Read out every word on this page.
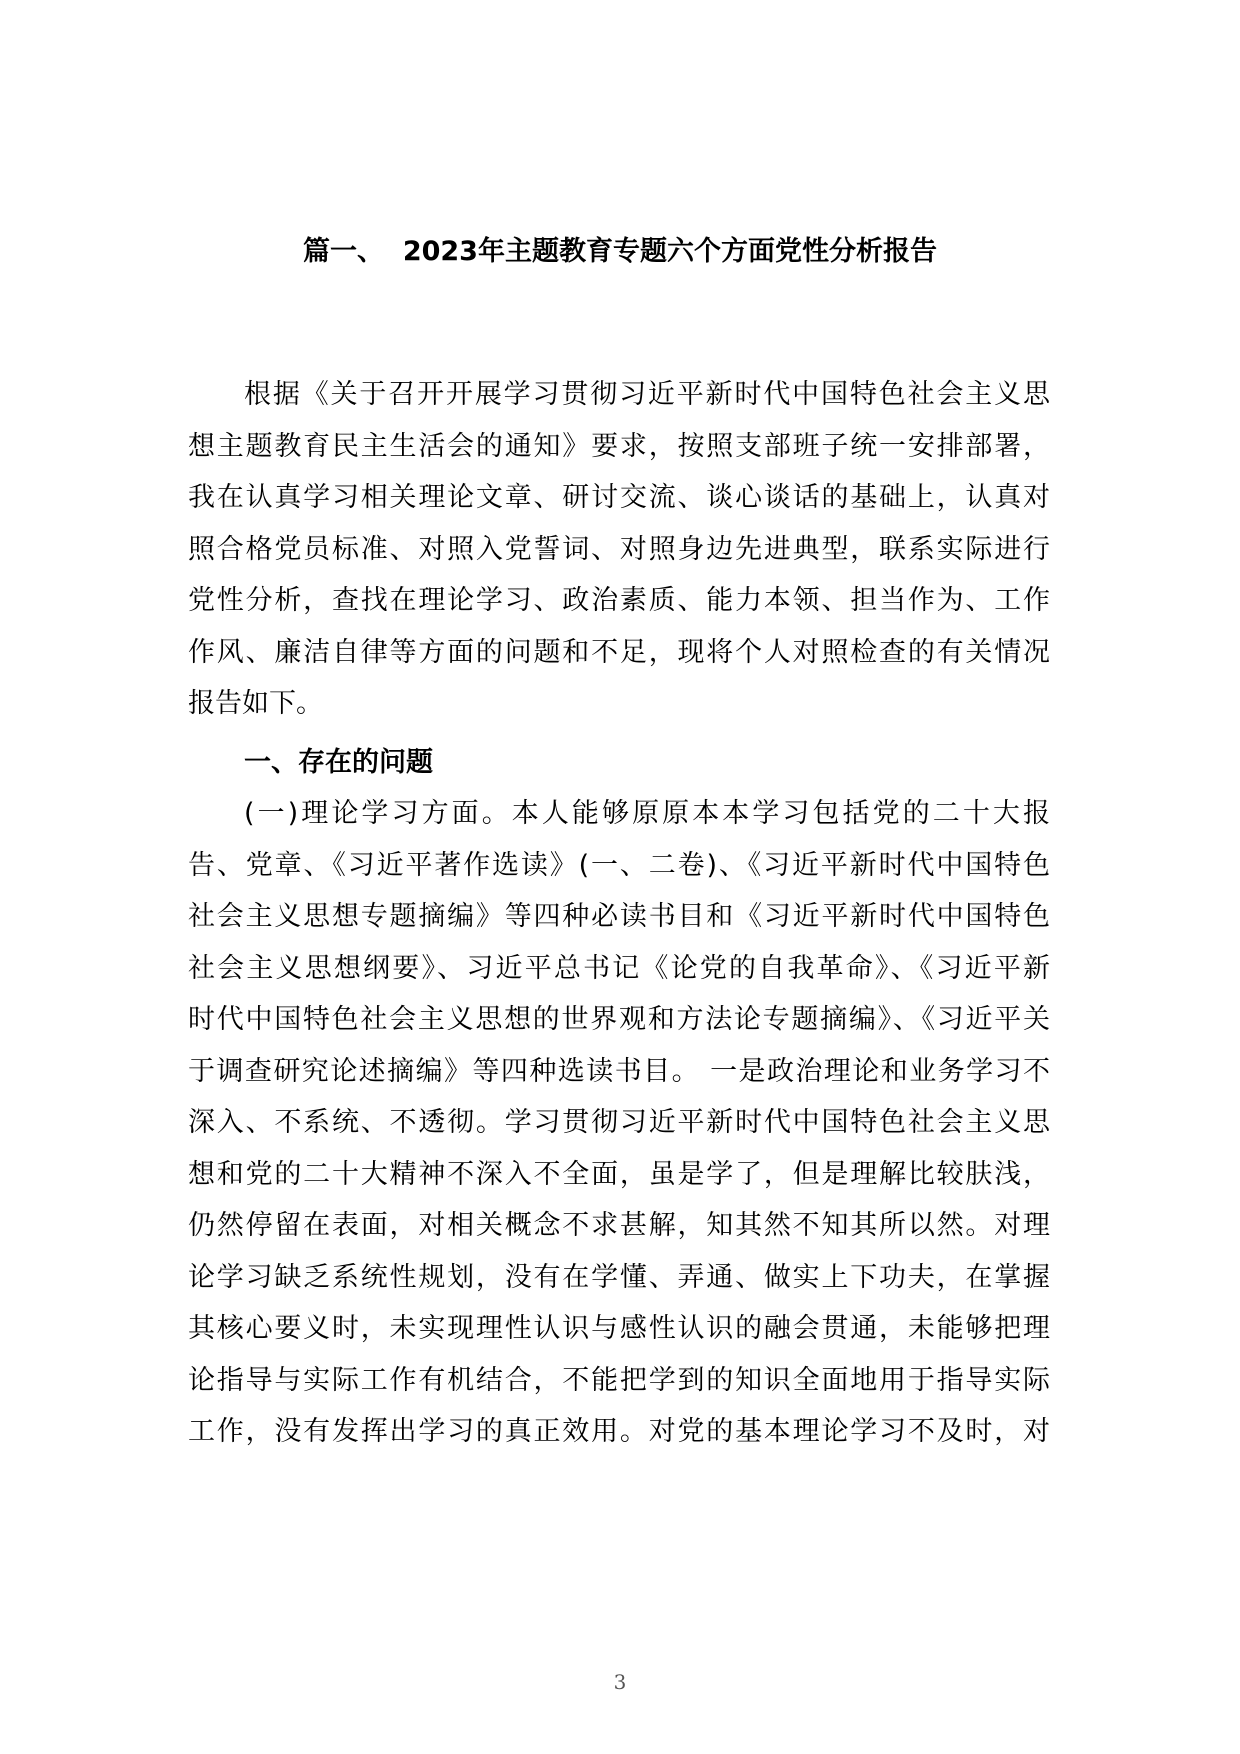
篇一、  2023年主题教育专题六个方面党性分析报告
根据《关于召开开展学习贯彻习近平新时代中国特色社会主义思
想主题教育民主生活会的通知》要求，按照支部班子统一安排部署，
我在认真学习相关理论文章、研讨交流、谈心谈话的基础上，认真对
照合格党员标准、对照入党誓词、对照身边先进典型，联系实际进行
党性分析，查找在理论学习、政治素质、能力本领、担当作为、工作
作风、廉洁自律等方面的问题和不足，现将个人对照检查的有关情况
报告如下。
一、存在的问题
(一)理论学习方面。本人能够原原本本学习包括党的二十大报
告、党章、《习近平著作选读》(一、二卷)、《习近平新时代中国特色
社会主义思想专题摘编》等四种必读书目和《习近平新时代中国特色
社会主义思想纲要》、习近平总书记《论党的自我革命》、《习近平新
时代中国特色社会主义思想的世界观和方法论专题摘编》、《习近平关
于调查研究论述摘编》等四种选读书目。 一是政治理论和业务学习不
深入、不系统、不透彻。学习贯彻习近平新时代中国特色社会主义思
想和党的二十大精神不深入不全面，虽是学了，但是理解比较肤浅，
仍然停留在表面，对相关概念不求甚解，知其然不知其所以然。对理
论学习缺乏系统性规划，没有在学懂、弄通、做实上下功夫，在掌握
其核心要义时，未实现理性认识与感性认识的融会贯通，未能够把理
论指导与实际工作有机结合，不能把学到的知识全面地用于指导实际
工作，没有发挥出学习的真正效用。对党的基本理论学习不及时，对
3
